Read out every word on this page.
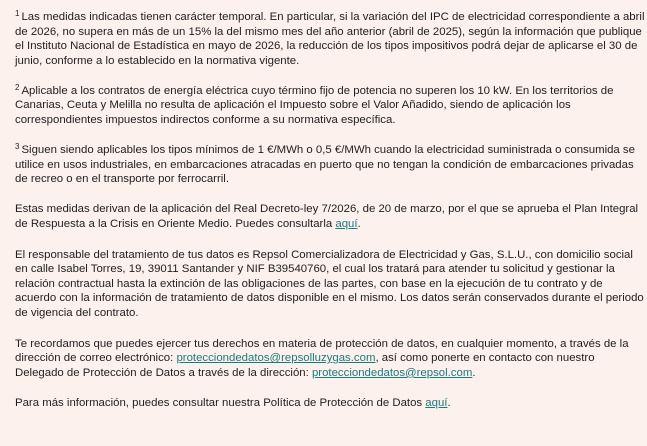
$^1$ Las medidas indicadas tienen carácter temporal. En particular, si la variación del IPC de electricidad correspondiente a abril de 2026, no supera en más de un 15% la del mismo mes del año anterior (abril de 2025), según la información que publique el Instituto Nacional de Estadística en mayo de 2026, la reducción de los tipos impositivos podrá dejar de aplicarse el 30 de junio, conforme a lo establecido en la normativa vigente.

$^2$ Aplicable a los contratos de energía eléctrica cuyo término fijo de potencia no superen los 10 kW. En los territorios de Canarias, Ceuta y Melilla no resulta de aplicación el Impuesto sobre el Valor Añadido, siendo de aplicación los correspondientes impuestos indirectos conforme a su normativa específica.

$^3$ Siguen siendo aplicables los tipos mínimos de 1 €/MWh o 0,5 €/MWh cuando la electricidad suministrada o consumida se utilice en usos industriales, en embarcaciones atracadas en puerto que no tengan la condición de embarcaciones privadas de recreo o en el transporte por ferrocarril.

Estas medidas derivan de la aplicación del Real Decreto-ley 7/2026, de 20 de marzo, por el que se aprueba el Plan Integral de Respuesta a la Crisis en Oriente Medio. Puedes consultarla aquí.

El responsable del tratamiento de tus datos es Repsol Comercializadora de Electricidad y Gas, S.L.U., con domicilio social en calle Isabel Torres, 19, 39011 Santander y NIF B39540760, el cual los tratará para atender tu solicitud y gestionar la relación contractual hasta la extinción de las obligaciones de las partes, con base en la ejecución de tu contrato y de acuerdo con la información de tratamiento de datos disponible en el mismo. Los datos serán conservados durante el periodo de vigencia del contrato.

Te recordamos que puedes ejercer tus derechos en materia de protección de datos, en cualquier momento, a través de la dirección de correo electrónico: protecciondedatos@repsolluzygas.com, así como ponerte en contacto con nuestro Delegado de Protección de Datos a través de la dirección: protecciondedatos@repsol.com.

Para más información, puedes consultar nuestra Política de Protección de Datos aquí.
